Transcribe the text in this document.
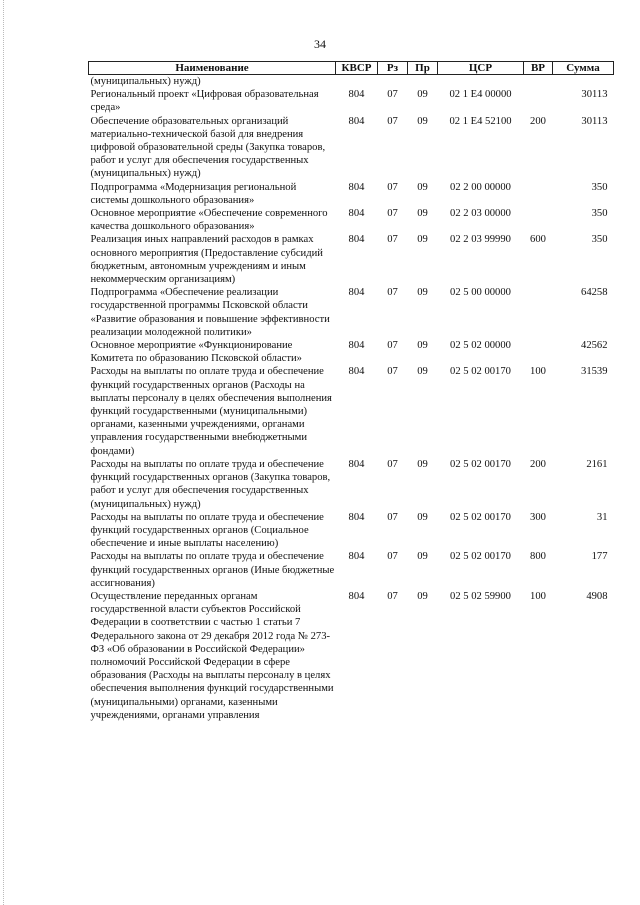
34
Наименование	КВСР	Рз	Пр	ЦСР	ВР	Сумма
(муниципальных) нужд)						
Региональный проект «Цифровая образовательная среда»	804	07	09	02 1 E4 00000		30113
Обеспечение образовательных организаций материально-технической базой для внедрения цифровой образовательной среды (Закупка товаров, работ и услуг для обеспечения государственных (муниципальных) нужд)	804	07	09	02 1 E4 52100	200	30113
Подпрограмма «Модернизация региональной системы дошкольного образования»	804	07	09	02 2 00 00000		350
Основное мероприятие «Обеспечение современного качества дошкольного образования»	804	07	09	02 2 03 00000		350
Реализация иных направлений расходов в рамках основного мероприятия (Предоставление субсидий бюджетным, автономным учреждениям и иным некоммерческим организациям)	804	07	09	02 2 03 99990	600	350
Подпрограмма «Обеспечение реализации государственной программы Псковской области «Развитие образования и повышение эффективности реализации молодежной политики»	804	07	09	02 5 00 00000		64258
Основное мероприятие «Функционирование Комитета по образованию Псковской области»	804	07	09	02 5 02 00000		42562
Расходы на выплаты по оплате труда и обеспечение функций государственных органов (Расходы на выплаты персоналу в целях обеспечения выполнения функций государственными (муниципальными) органами, казенными учреждениями, органами управления государственными внебюджетными фондами)	804	07	09	02 5 02 00170	100	31539
Расходы на выплаты по оплате труда и обеспечение функций государственных органов (Закупка товаров, работ и услуг для обеспечения государственных (муниципальных) нужд)	804	07	09	02 5 02 00170	200	2161
Расходы на выплаты по оплате труда и обеспечение функций государственных органов (Социальное обеспечение и иные выплаты населению)	804	07	09	02 5 02 00170	300	31
Расходы на выплаты по оплате труда и обеспечение функций государственных органов (Иные бюджетные ассигнования)	804	07	09	02 5 02 00170	800	177
Осуществление переданных органам государственной власти субъектов Российской Федерации в соответствии с частью 1 статьи 7 Федерального закона от 29 декабря 2012 года № 273-ФЗ «Об образовании в Российской Федерации» полномочий Российской Федерации в сфере образования (Расходы на выплаты персоналу в целях обеспечения выполнения функций государственными (муниципальными) органами, казенными учреждениями, органами управления	804	07	09	02 5 02 59900	100	4908
